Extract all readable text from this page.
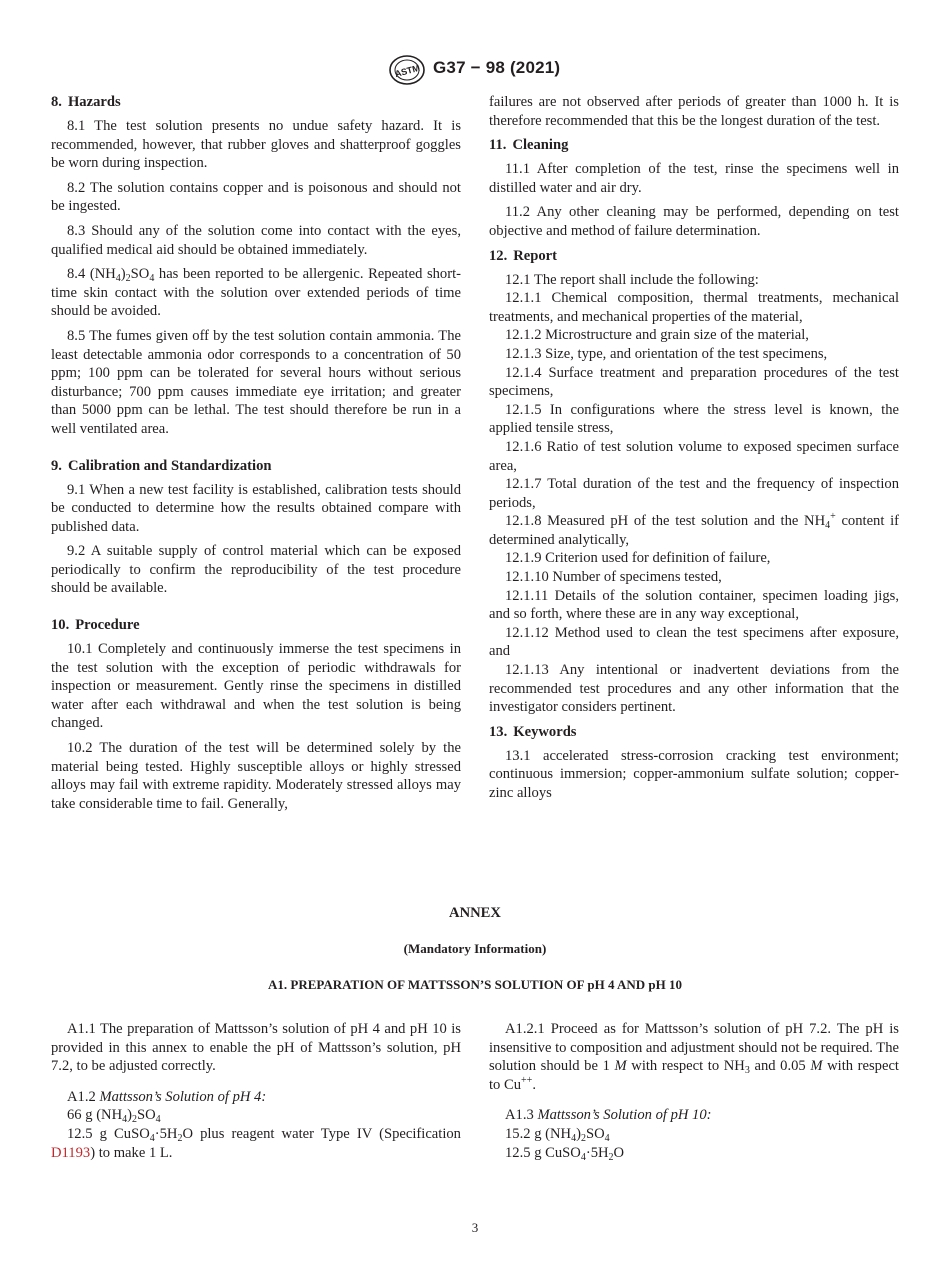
ASTM G37 − 98 (2021)
8. Hazards

8.1 The test solution presents no undue safety hazard. It is recommended, however, that rubber gloves and shatterproof goggles be worn during inspection.

8.2 The solution contains copper and is poisonous and should not be ingested.

8.3 Should any of the solution come into contact with the eyes, qualified medical aid should be obtained immediately.

8.4 $(NH_4)_2SO_4$ has been reported to be allergenic. Repeated short-time skin contact with the solution over extended periods of time should be avoided.

8.5 The fumes given off by the test solution contain ammonia. The least detectable ammonia odor corresponds to a concentration of 50 ppm; 100 ppm can be tolerated for several hours without serious disturbance; 700 ppm causes immediate eye irritation; and greater than 5000 ppm can be lethal. The test should therefore be run in a well ventilated area.

9. Calibration and Standardization

9.1 When a new test facility is established, calibration tests should be conducted to determine how the results obtained compare with published data.

9.2 A suitable supply of control material which can be exposed periodically to confirm the reproducibility of the test procedure should be available.

10. Procedure

10.1 Completely and continuously immerse the test specimens in the test solution with the exception of periodic withdrawals for inspection or measurement. Gently rinse the specimens in distilled water after each withdrawal and when the test solution is being changed.

10.2 The duration of the test will be determined solely by the material being tested. Highly susceptible alloys or highly stressed alloys may fail with extreme rapidity. Moderately stressed alloys may take considerable time to fail. Generally,

failures are not observed after periods of greater than 1000 h. It is therefore recommended that this be the longest duration of the test.

11. Cleaning

11.1 After completion of the test, rinse the specimens well in distilled water and air dry.

11.2 Any other cleaning may be performed, depending on test objective and method of failure determination.

12. Report

12.1 The report shall include the following:

12.1.1 Chemical composition, thermal treatments, mechanical treatments, and mechanical properties of the material,

12.1.2 Microstructure and grain size of the material,

12.1.3 Size, type, and orientation of the test specimens,

12.1.4 Surface treatment and preparation procedures of the test specimens,

12.1.5 In configurations where the stress level is known, the applied tensile stress,

12.1.6 Ratio of test solution volume to exposed specimen surface area,

12.1.7 Total duration of the test and the frequency of inspection periods,

12.1.8 Measured pH of the test solution and the $NH_4^+$ content if determined analytically,

12.1.9 Criterion used for definition of failure,

12.1.10 Number of specimens tested,

12.1.11 Details of the solution container, specimen loading jigs, and so forth, where these are in any way exceptional,

12.1.12 Method used to clean the test specimens after exposure, and

12.1.13 Any intentional or inadvertent deviations from the recommended test procedures and any other information that the investigator considers pertinent.

13. Keywords

13.1 accelerated stress-corrosion cracking test environment; continuous immersion; copper-ammonium sulfate solution; copper-zinc alloys

ANNEX
(Mandatory Information)
A1. PREPARATION OF MATTSSON’S SOLUTION OF pH 4 AND pH 10

A1.1 The preparation of Mattsson’s solution of pH 4 and pH 10 is provided in this annex to enable the pH of Mattsson’s solution, pH 7.2, to be adjusted correctly.

A1.2 Mattsson’s Solution of pH 4:

66 g $(NH_4)_2SO_4$

12.5 g $CuSO_4\cdot 5H_2O$ plus reagent water Type IV (Specification D1193) to make 1 L.

A1.2.1 Proceed as for Mattsson’s solution of pH 7.2. The pH is insensitive to composition and adjustment should not be required. The solution should be 1 M with respect to $NH_3$ and 0.05 M with respect to Cu++.

A1.3 Mattsson’s Solution of pH 10:

15.2 g $(NH_4)_2SO_4$

12.5 g $CuSO_4\cdot 5H_2O$

3
